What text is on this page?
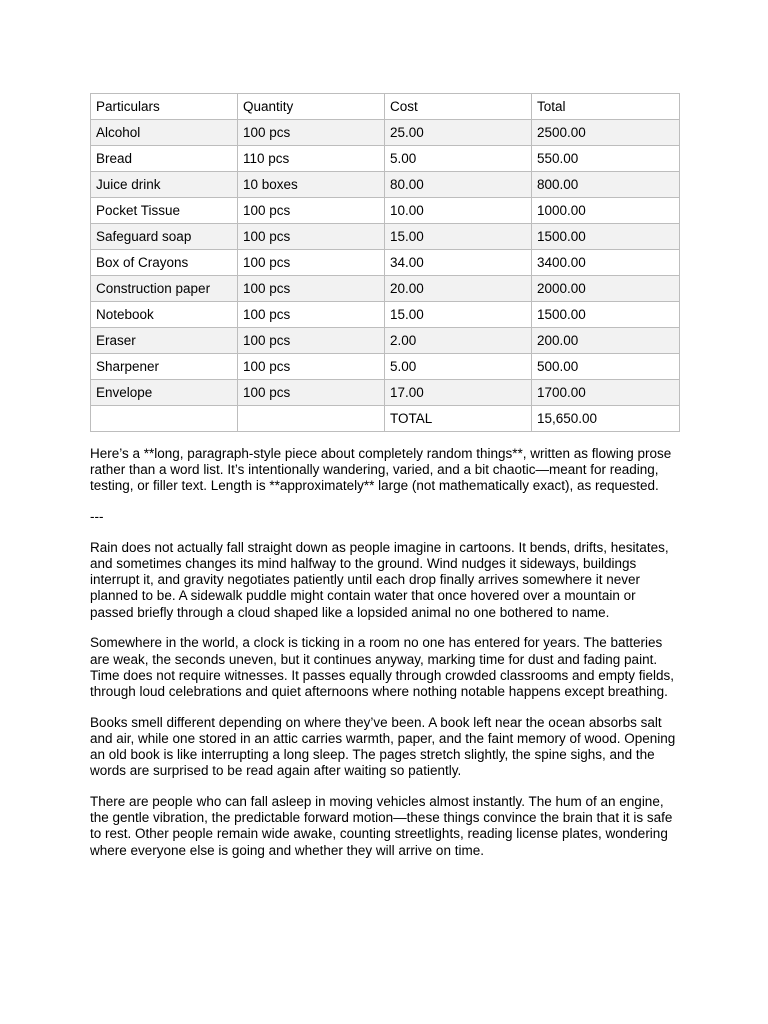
Particulars	Quantity	Cost	Total
Alcohol	100 pcs	25.00	2500.00
Bread	110 pcs	5.00	550.00
Juice drink	10 boxes	80.00	800.00
Pocket Tissue	100 pcs	10.00	1000.00
Safeguard soap	100 pcs	15.00	1500.00
Box of Crayons	100 pcs	34.00	3400.00
Construction paper	100 pcs	20.00	2000.00
Notebook	100 pcs	15.00	1500.00
Eraser	100 pcs	2.00	200.00
Sharpener	100 pcs	5.00	500.00
Envelope	100 pcs	17.00	1700.00
		TOTAL	15,650.00

Here’s a **long, paragraph-style piece about completely random things**, written as flowing prose rather than a word list. It’s intentionally wandering, varied, and a bit chaotic—meant for reading, testing, or filler text. Length is **approximately** large (not mathematically exact), as requested.

---

Rain does not actually fall straight down as people imagine in cartoons. It bends, drifts, hesitates, and sometimes changes its mind halfway to the ground. Wind nudges it sideways, buildings interrupt it, and gravity negotiates patiently until each drop finally arrives somewhere it never planned to be. A sidewalk puddle might contain water that once hovered over a mountain or passed briefly through a cloud shaped like a lopsided animal no one bothered to name.

Somewhere in the world, a clock is ticking in a room no one has entered for years. The batteries are weak, the seconds uneven, but it continues anyway, marking time for dust and fading paint. Time does not require witnesses. It passes equally through crowded classrooms and empty fields, through loud celebrations and quiet afternoons where nothing notable happens except breathing.

Books smell different depending on where they’ve been. A book left near the ocean absorbs salt and air, while one stored in an attic carries warmth, paper, and the faint memory of wood. Opening an old book is like interrupting a long sleep. The pages stretch slightly, the spine sighs, and the words are surprised to be read again after waiting so patiently.

There are people who can fall asleep in moving vehicles almost instantly. The hum of an engine, the gentle vibration, the predictable forward motion—these things convince the brain that it is safe to rest. Other people remain wide awake, counting streetlights, reading license plates, wondering where everyone else is going and whether they will arrive on time.
